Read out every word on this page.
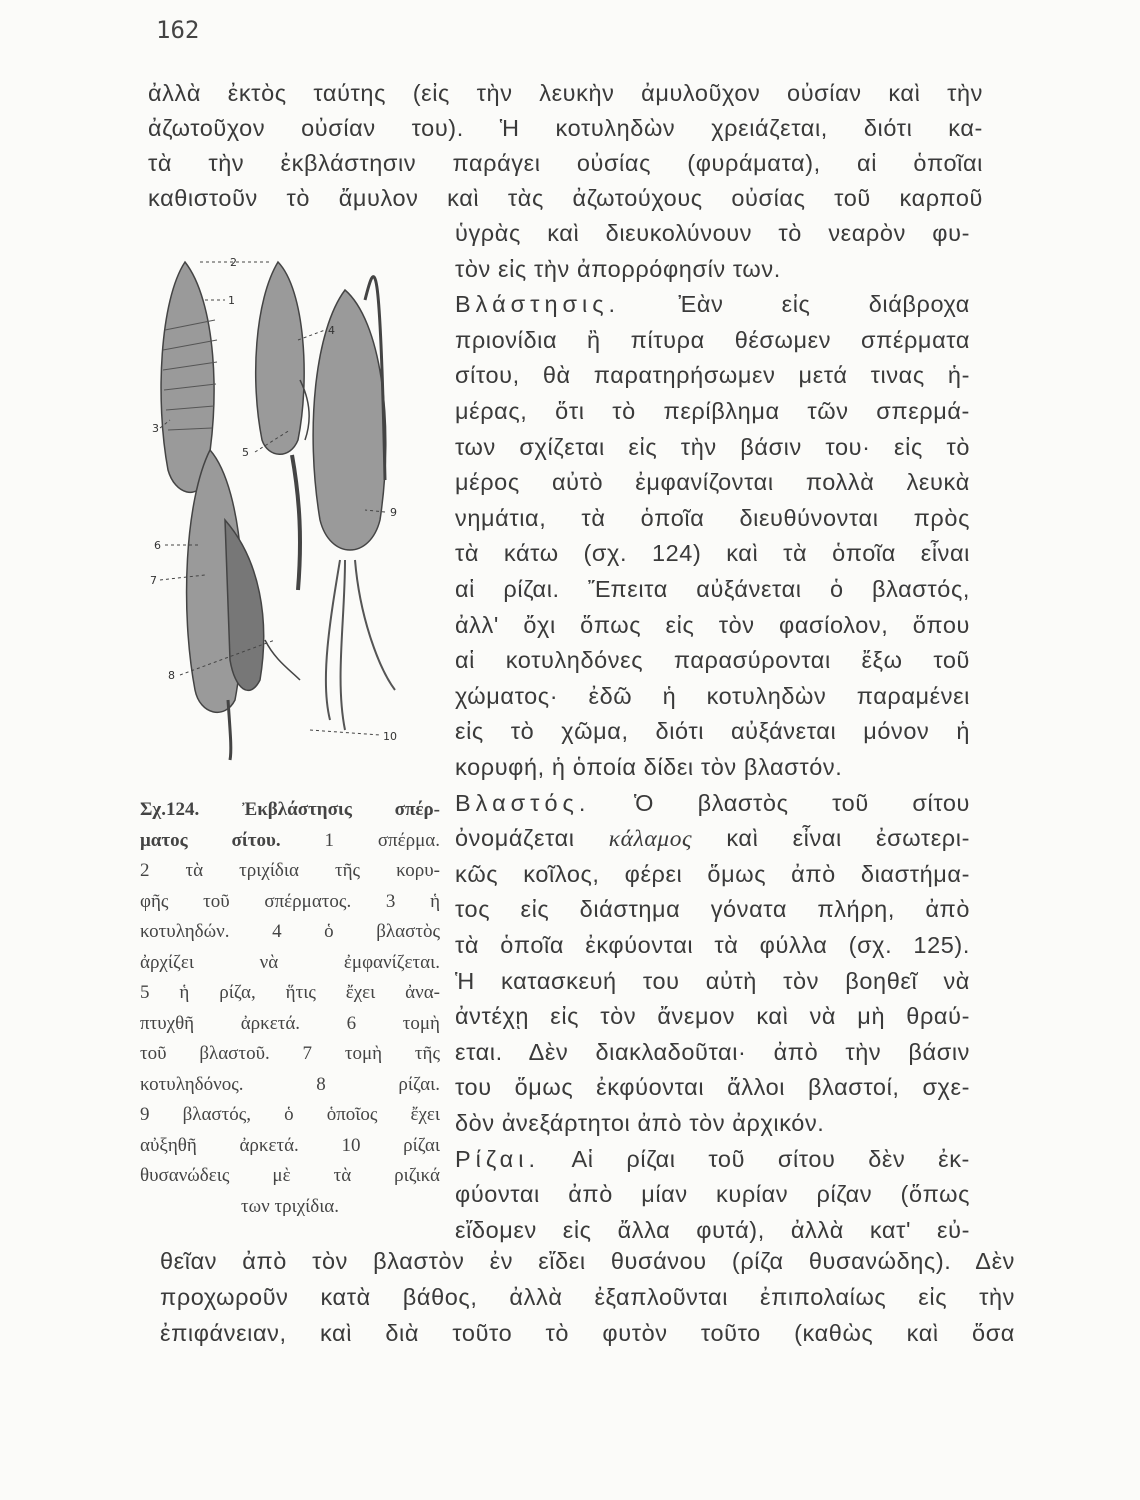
162
2
1
3
4
5
6
7
8
9
10
ἀλλὰ ἐκτὸς ταύτης (εἰς τὴν λευκὴν ἀμυλοῦχον οὐσίαν καὶ τὴν
ἀζωτοῦχον οὐσίαν του). Ἡ κοτυληδὼν χρειάζεται, διότι κα-
τὰ τὴν ἐκβλάστησιν παράγει οὐσίας (φυράματα), αἱ ὁποῖαι
καθιστοῦν τὸ ἄμυλον καὶ τὰς ἀζωτούχους οὐσίας τοῦ καρποῦ
ὑγρὰς καὶ διευκολύνουν τὸ νεαρὸν φυ-
τὸν εἰς τὴν ἀπορρόφησίν των.
Βλάστησις. Ἐὰν εἰς διάβροχα
πριονίδια ἢ πίτυρα θέσωμεν σπέρματα
σίτου, θὰ παρατηρήσωμεν μετά τινας ἡ-
μέρας, ὅτι τὸ περίβλημα τῶν σπερμά-
των σχίζεται εἰς τὴν βάσιν του· εἰς τὸ
μέρος αὐτὸ ἐμφανίζονται πολλὰ λευκὰ
νημάτια, τὰ ὁποῖα διευθύνονται πρὸς
τὰ κάτω (σχ. 124) καὶ τὰ ὁποῖα εἶναι
αἱ ρίζαι. Ἔπειτα αὐξάνεται ὁ βλαστός,
ἀλλ' ὄχι ὅπως εἰς τὸν φασίολον, ὅπου
αἱ κοτυληδόνες παρασύρονται ἔξω τοῦ
χώματος· ἐδῶ ἡ κοτυληδὼν παραμένει
εἰς τὸ χῶμα, διότι αὐξάνεται μόνον ἡ
κορυφή, ἡ ὁποία δίδει τὸν βλαστόν.
Βλαστός. Ὁ βλαστὸς τοῦ σίτου
ὀνομάζεται κάλαμος καὶ εἶναι ἐσωτερι-
κῶς κοῖλος, φέρει ὅμως ἀπὸ διαστήμα-
τος εἰς διάστημα γόνατα πλήρη, ἀπὸ
τὰ ὁποῖα ἐκφύονται τὰ φύλλα (σχ. 125).
Ἡ κατασκευή του αὐτὴ τὸν βοηθεῖ νὰ
ἀντέχῃ εἰς τὸν ἄνεμον καὶ νὰ μὴ θραύ-
εται. Δὲν διακλαδοῦται· ἀπὸ τὴν βάσιν
του ὅμως ἐκφύονται ἄλλοι βλαστοί, σχε-
δὸν ἀνεξάρτητοι ἀπὸ τὸν ἀρχικόν.
Ρίζαι. Αἱ ρίζαι τοῦ σίτου δὲν ἐκ-
φύονται ἀπὸ μίαν κυρίαν ρίζαν (ὅπως
εἴδομεν εἰς ἄλλα φυτά), ἀλλὰ κατ' εὐ-
θεῖαν ἀπὸ τὸν βλαστὸν ἐν εἴδει θυσάνου (ρίζα θυσανώδης). Δὲν
προχωροῦν κατὰ βάθος, ἀλλὰ ἐξαπλοῦνται ἐπιπολαίως εἰς τὴν
ἐπιφάνειαν, καὶ διὰ τοῦτο τὸ φυτὸν τοῦτο (καθὼς καὶ ὅσα
Σχ.124. Ἐκβλάστησις σπέρ-
ματος σίτου. 1 σπέρμα.
2 τὰ τριχίδια τῆς κορυ-
φῆς τοῦ σπέρματος. 3 ἡ
κοτυληδών. 4 ὁ βλαστὸς
ἀρχίζει νὰ ἐμφανίζεται.
5 ἡ ρίζα, ἥτις ἔχει ἀνα-
πτυχθῆ ἀρκετά. 6 τομὴ
τοῦ βλαστοῦ. 7 τομὴ τῆς
κοτυληδόνος. 8 ρίζαι.
9 βλαστός, ὁ ὁποῖος ἔχει
αὐξηθῆ ἀρκετά. 10 ρίζαι
θυσανώδεις μὲ τὰ ριζικά
των τριχίδια.
